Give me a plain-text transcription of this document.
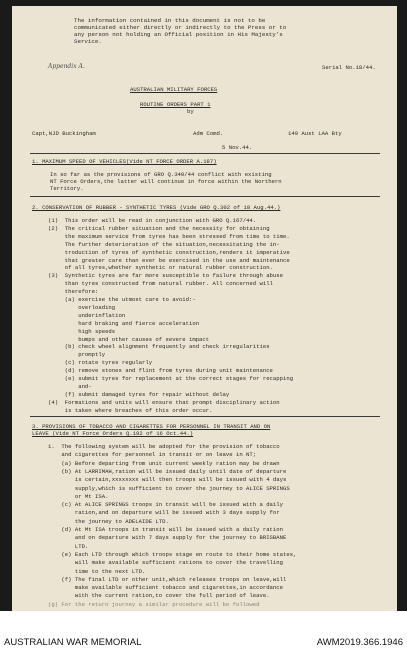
The information contained in this document is not to be
communicated either directly or indirectly to the Press or to
any person not holding an Official position in His Majesty's
Service.
Appendix A.	Serial No.18/44.
AUSTRALIAN MILITARY FORCES
ROUTINE ORDERS PART 1
by
Capt,NJD Buckingham	Adm Comd.	149 Aust LAA Bty
5 Nov.44.
1. MAXIMUM SPEED OF VEHICLES(Vide NT FORCE ORDER A.187)
In so far as the provisions of GRO Q.340/44 conflict with existing
NT Force Orders,the latter will continue in force within the Northern
Territory.
2. CONSERVATION OF RUBBER - SYNTHETIC TYRES (Vide GRO Q.302 of 18 Aug.44.)
(1)  This order will be read in conjunction with GRO Q.167/44.
(2)  The critical rubber situation and the necessity for obtaining
the maximum service from tyres has been stressed from time to time.
The further deterioration of the situation,necessitating the in-
troduction of tyres of synthetic construction,renders it imperative
that greater care than ever be exercised in the use and maintenance
of all tyres,whether synthetic or natural rubber construction.
(3)  Synthetic tyres are far more susceptible to failure through abuse
than tyres constructed from natural rubber. All concerned will
therefore:
(a) exercise the utmost care to avoid:-
overloading
underinflation
hard braking and fierce acceleration
high speeds
bumps and other causes of severe impact
(b) check wheel alignment frequently and check irregularities
promptly
(c) rotate tyres regularly
(d) remove stones and flint from tyres during unit maintenance
(e) submit tyres for replacement at the correct stages for recapping
and-
(f) submit damaged tyres for repair without delay
(4)  Formations and units will ensure that prompt disciplinary action
is taken where breaches of this order occur.
3. PROVISIONS OF TOBACCO AND CIGARETTES FOR PERSONNEL IN TRANSIT AND ON
LEAVE (Vide NT Force Orders Q.192 of 16 Oct.44.)
1.  The following system will be adopted for the provision of tobacco
and cigarettes for personnel in transit or on leave in NT;
(a) Before departing from unit current weekly ration may be drawn
(b) At LARRIMAH,ration will be issued daily until date of departure
is certain,xxxxxxxx will then troops will be issued with 4 days
supply,which is sufficient to cover the journey to ALICE SPRINGS
or Mt ISA.
(c) At ALICE SPRINGS troops in transit will be issued with a daily
ration,and on departure will be issued with 3 days supply for
the journey to ADELAIDE LTD.
(d) At Mt ISA troops in transit will be issued with a daily ration
and on departure with 7 days supply for the journey to BRISBANE
LTD.
(e) Each LTD through which troops stage en route to their home states,
will make available sufficient rations to cover the travelling
time to the next LTD.
(f) The final LTD or other unit,which releases troops on leave,will
make available sufficient tobacco and cigarettes,in accordance
with the current ration,to cover the full period of leave.
(g) For the return journey a similar procedure will be followed
AUSTRALIAN WAR MEMORIAL	AWM2019.366.1946
